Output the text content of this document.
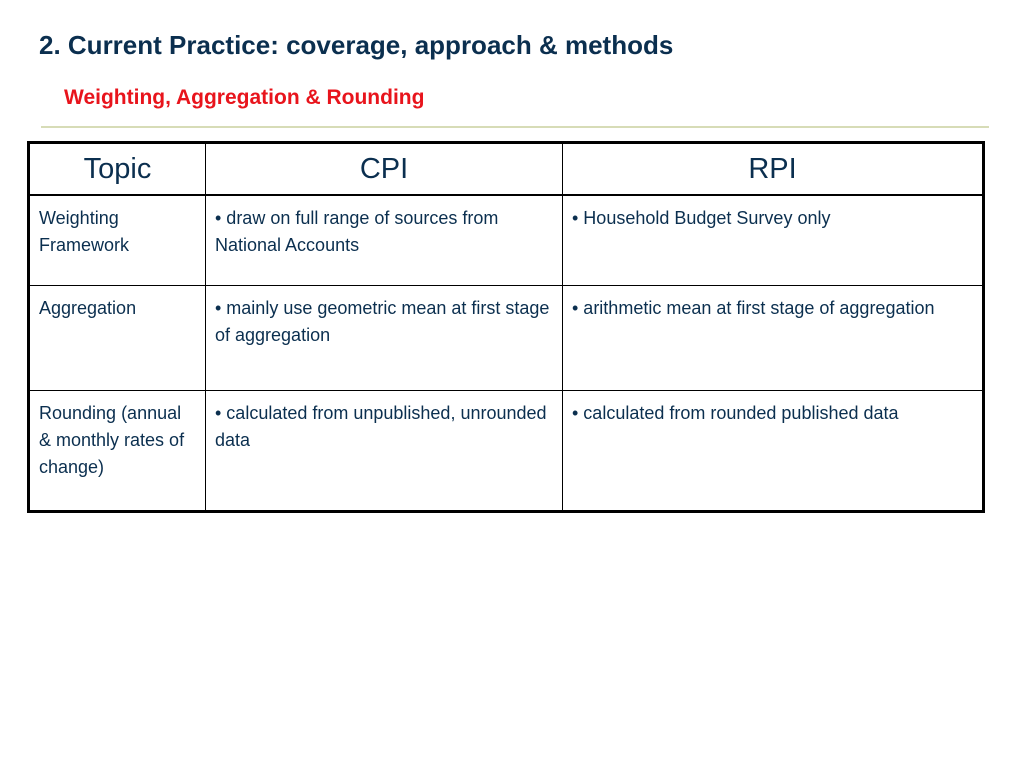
2. Current Practice: coverage, approach & methods
Weighting, Aggregation & Rounding
Topic	CPI	RPI
Weighting Framework	• draw on full range of sources from National Accounts	• Household Budget Survey only
Aggregation	• mainly use geometric mean at first stage of aggregation	• arithmetic mean at first stage of aggregation
Rounding (annual & monthly rates of change)	• calculated from unpublished, unrounded data	• calculated from rounded published data
